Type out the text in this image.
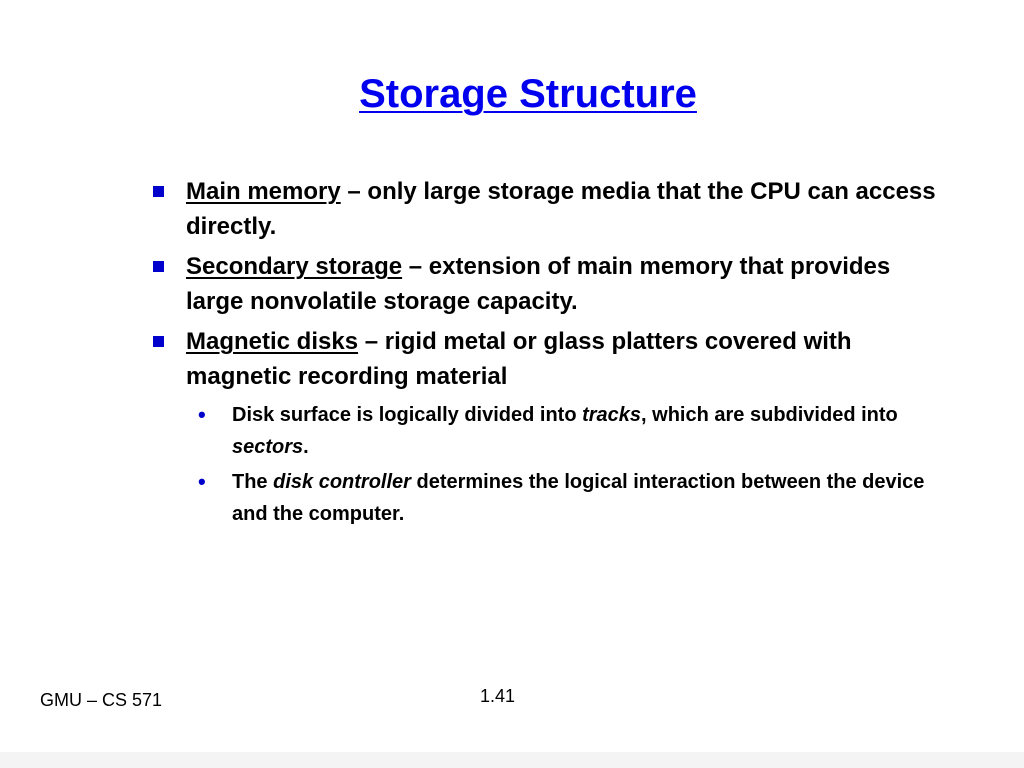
Storage Structure
Main memory – only large storage media that the CPU can access directly.
Secondary storage – extension of main memory that provides large nonvolatile storage capacity.
Magnetic disks – rigid metal or glass platters covered with magnetic recording material
• Disk surface is logically divided into tracks, which are subdivided into sectors.
• The disk controller determines the logical interaction between the device and the computer.
GMU – CS 571	1.41
